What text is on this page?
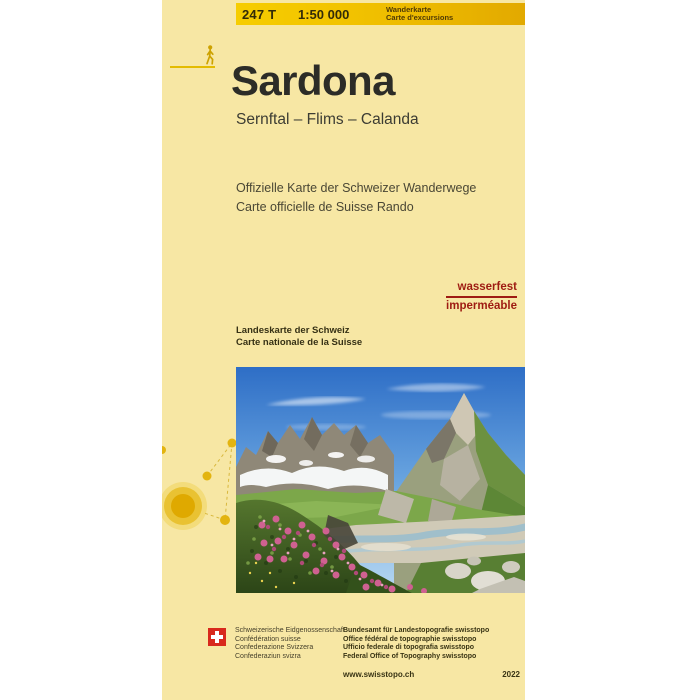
247 T 1:50 000	Wanderkarte
Carte d'excursions
Sardona
Sernftal – Flims – Calanda
Offizielle Karte der Schweizer Wanderwege
Carte officielle de Suisse Rando
wasserfest
imperméable
Landeskarte der Schweiz
Carte nationale de la Suisse
Schweizerische Eidgenossenschaft
Confédération suisse
Confederazione Svizzera
Confederaziun svizra
Bundesamt für Landestopografie swisstopo
Office fédéral de topographie swisstopo
Ufficio federale di topografia swisstopo
Federal Office of Topography swisstopo
www.swisstopo.ch	2022
